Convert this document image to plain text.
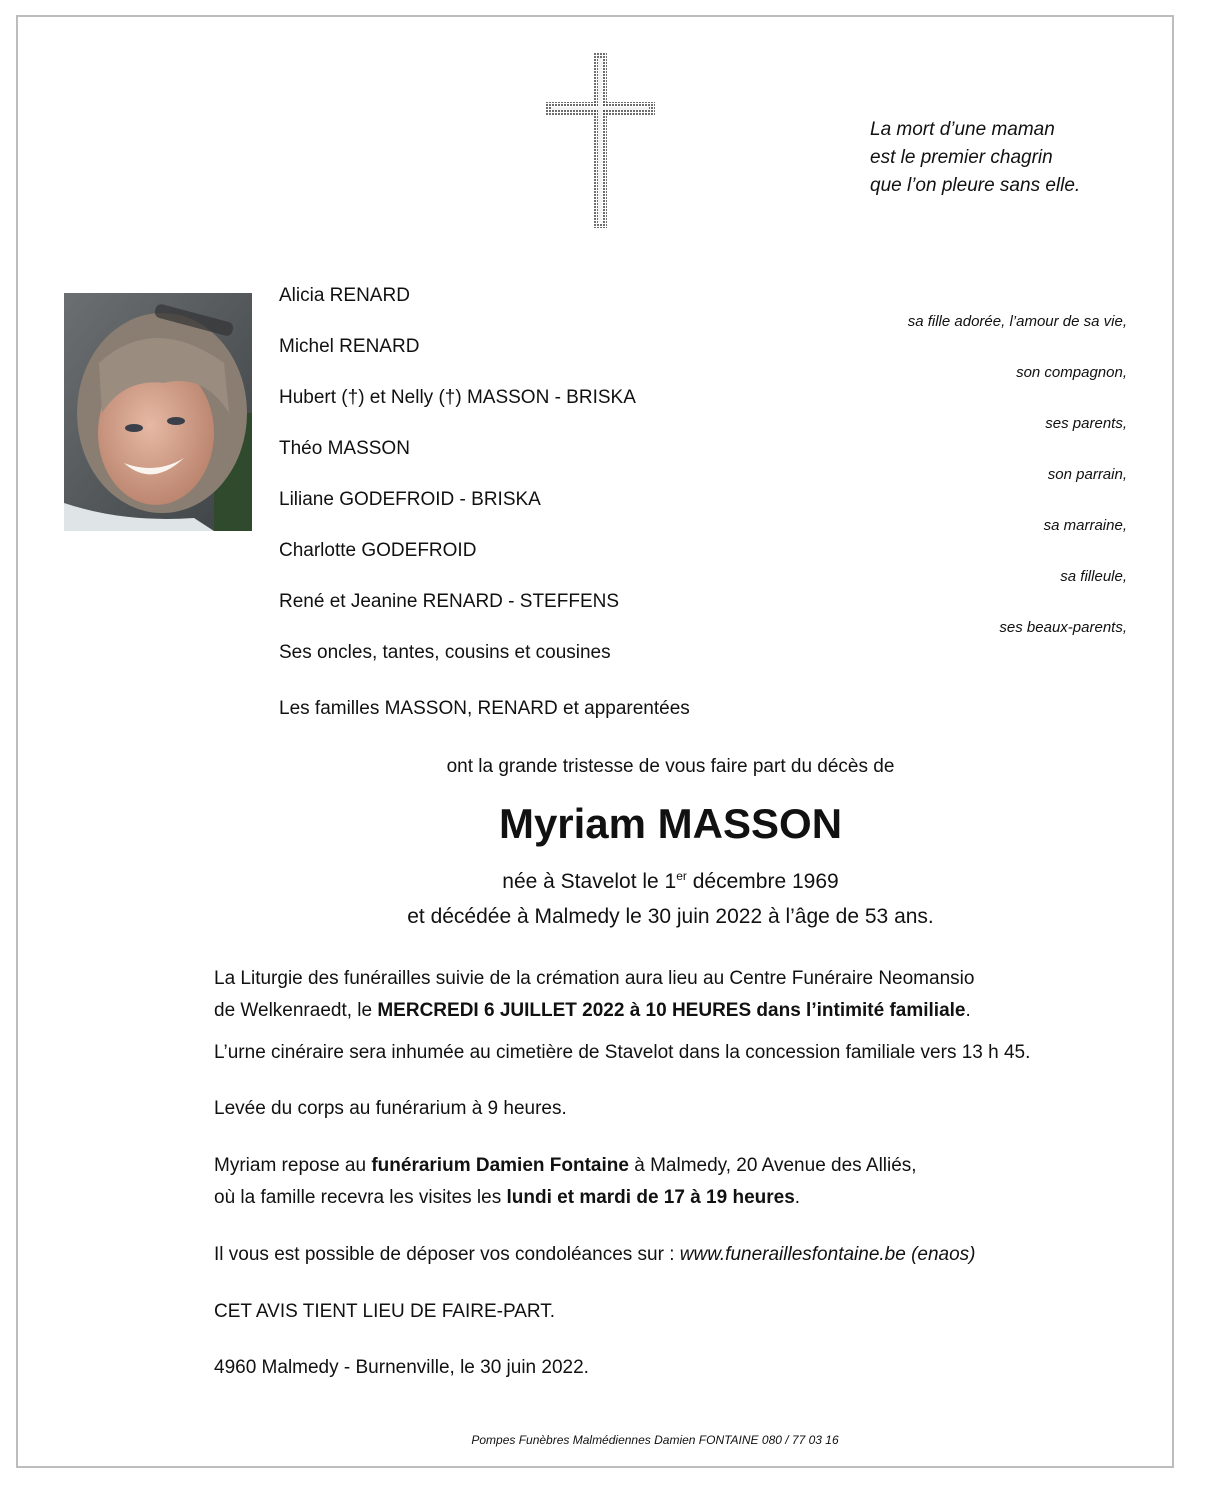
La mort d’une maman
est le premier chagrin
que l’on pleure sans elle.
Alicia RENARD
sa fille adorée, l’amour de sa vie,
Michel RENARD
son compagnon,
Hubert (†) et Nelly (†) MASSON - BRISKA
ses parents,
Théo MASSON
son parrain,
Liliane GODEFROID - BRISKA
sa marraine,
Charlotte GODEFROID
sa filleule,
René et Jeanine RENARD - STEFFENS
ses beaux-parents,
Ses oncles, tantes, cousins et cousines
Les familles MASSON, RENARD et apparentées
ont la grande tristesse de vous faire part du décès de
Myriam MASSON
née à Stavelot le 1er décembre 1969
et décédée à Malmedy le 30 juin 2022 à l’âge de 53 ans.
La Liturgie des funérailles suivie de la crémation aura lieu au Centre Funéraire Neomansio
de Welkenraedt, le MERCREDI 6 JUILLET 2022 à 10 HEURES dans l’intimité familiale.
L’urne cinéraire sera inhumée au cimetière de Stavelot dans la concession familiale vers 13 h 45.
Levée du corps au funérarium à 9 heures.
Myriam repose au funérarium Damien Fontaine à Malmedy, 20 Avenue des Alliés,
où la famille recevra les visites les lundi et mardi de 17 à 19 heures.
Il vous est possible de déposer vos condoléances sur : www.funeraillesfontaine.be (enaos)
CET AVIS TIENT LIEU DE FAIRE-PART.
4960 Malmedy - Burnenville, le 30 juin 2022.
Pompes Funèbres Malmédiennes Damien FONTAINE 080 / 77 03 16
